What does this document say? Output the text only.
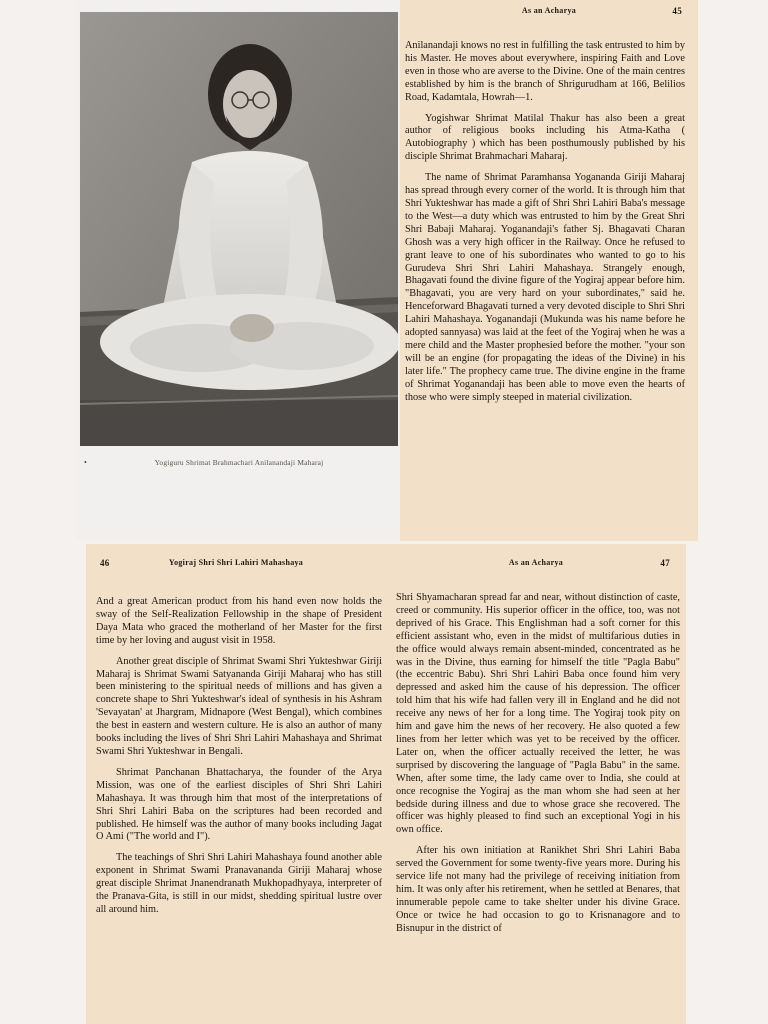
•	Yogiguru Shrimat Brahmachari Anilanandaji Maharaj
As an Acharya	45

Anilanandaji knows no rest in fulfilling the task entrusted to him by his Master. He moves about everywhere, inspiring Faith and Love even in those who are averse to the Divine. One of the main centres established by him is the branch of Shrigurudham at 166, Belilios Road, Kadamtala, Howrah—1.

Yogishwar Shrimat Matilal Thakur has also been a great author of religious books including his Atma-Katha ( Autobiography ) which has been posthumously published by his disciple Shrimat Brahmachari Maharaj.

The name of Shrimat Paramhansa Yogananda Giriji Maharaj has spread through every corner of the world. It is through him that Shri Yukteshwar has made a gift of Shri Shri Lahiri Baba's message to the West—a duty which was entrusted to him by the Great Shri Shri Babaji Maharaj. Yoganandaji's father Sj. Bhagavati Charan Ghosh was a very high officer in the Railway. Once he refused to grant leave to one of his subordinates who wanted to go to his Gurudeva Shri Shri Lahiri Mahashaya. Strangely enough, Bhagavati found the divine figure of the Yogiraj appear before him. "Bhagavati, you are very hard on your subordinates," said he. Henceforward Bhagavati turned a very devoted disciple to Shri Shri Lahiri Mahashaya. Yoganandaji (Mukunda was his name before he adopted sannyasa) was laid at the feet of the Yogiraj when he was a mere child and the Master prophesied before the mother. "your son will be an engine (for propagating the ideas of the Divine) in his later life." The prophecy came true. The divine engine in the frame of Shrimat Yoganandaji has been able to move even the hearts of those who were simply steeped in material civilization.

46	Yogiraj Shri Shri Lahiri Mahashaya

And a great American product from his hand even now holds the sway of the Self-Realization Fellowship in the shape of President Daya Mata who graced the motherland of her Master for the first time by her loving and august visit in 1958.

Another great disciple of Shrimat Swami Shri Yukteshwar Giriji Maharaj is Shrimat Swami Satyananda Giriji Maharaj who has still been ministering to the spiritual needs of millions and has given a concrete shape to Shri Yukteshwar's ideal of synthesis in his Ashram 'Sevayatan' at Jhargram, Midnapore (West Bengal), which combines the best in eastern and western culture. He is also an author of many books including the lives of Shri Shri Lahiri Mahashaya and Shrimat Swami Shri Yukteshwar in Bengali.

Shrimat Panchanan Bhattacharya, the founder of the Arya Mission, was one of the earliest disciples of Shri Shri Lahiri Mahashaya. It was through him that most of the interpretations of Shri Shri Lahiri Baba on the scriptures had been recorded and published. He himself was the author of many books including Jagat O Ami ("The world and I").

The teachings of Shri Shri Lahiri Mahashaya found another able exponent in Shrimat Swami Pranavananda Giriji Maharaj whose great disciple Shrimat Jnanendranath Mukhopadhyaya, interpreter of the Pranava-Gita, is still in our midst, shedding spiritual lustre over all around him.

As an Acharya	47

Shri Shyamacharan spread far and near, without distinction of caste, creed or community. His superior officer in the office, too, was not deprived of his Grace. This Englishman had a soft corner for this efficient assistant who, even in the midst of multifarious duties in the office would always remain absent-minded, concentrated as he was in the Divine, thus earning for himself the title "Pagla Babu" (the eccentric Babu). Shri Shri Lahiri Baba once found him very depressed and asked him the cause of his depression. The officer told him that his wife had fallen very ill in England and he did not receive any news of her for a long time. The Yogiraj took pity on him and gave him the news of her recovery. He also quoted a few lines from her letter which was yet to be received by the officer. Later on, when the officer actually received the letter, he was surprised by discovering the language of "Pagla Babu" in the same. When, after some time, the lady came over to India, she could at once recognise the Yogiraj as the man whom she had seen at her bedside during illness and due to whose grace she recovered. The officer was highly pleased to find such an exceptional Yogi in his own office.

After his own initiation at Ranikhet Shri Shri Lahiri Baba served the Government for some twenty-five years more. During his service life not many had the privilege of receiving initiation from him. It was only after his retirement, when he settled at Benares, that innumerable pepole came to take shelter under his divine Grace. Once or twice he had occasion to go to Krisnanagore and to Bisnupur in the district of
